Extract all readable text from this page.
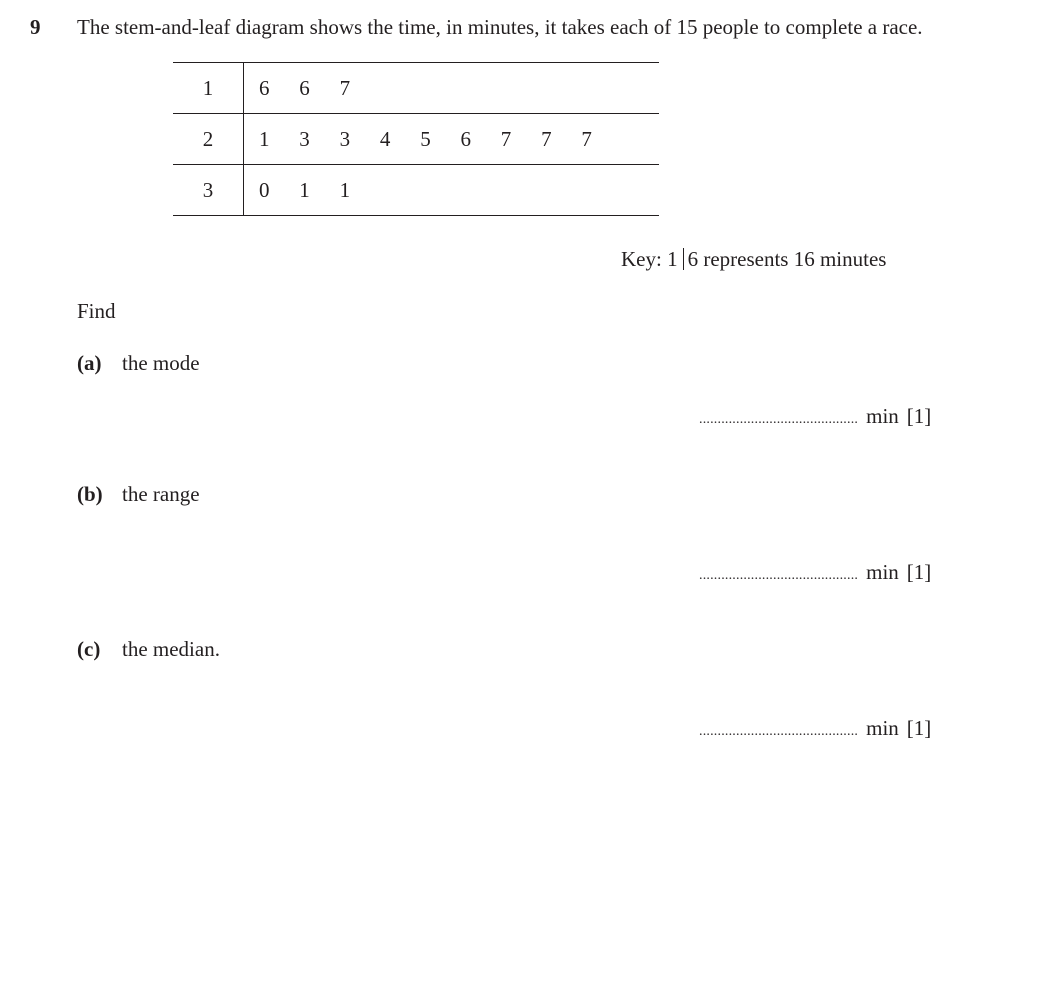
9 The stem-and-leaf diagram shows the time, in minutes, it takes each of 15 people to complete a race.
1	6	6	7
2	1	3	3	4	5	6	7	7	7
3	0	1	1
Key: 1 6 represents 16 minutes
Find
(a) the mode
........................................... min [1]
(b) the range
........................................... min [1]
(c) the median.
........................................... min [1]
